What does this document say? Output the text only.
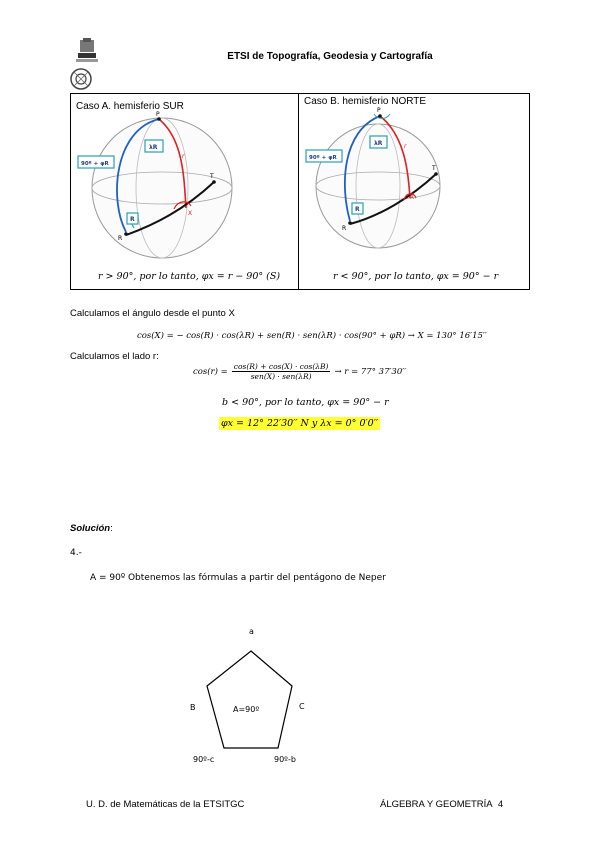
ETSI de Topografía, Geodesia y Cartografía
Caso A. hemisferio SUR	Caso B. hemisferio NORTE
P
T
R
X
r
λR
90º + φR
R
P
T
R
X
r
λR
90º + φR
R
r > 90°, por lo tanto, φx = r − 90° (S)	r < 90°, por lo tanto, φx = 90° − r
Calculamos el ángulo desde el punto X
cos(X) = − cos(R) · cos(λR) + sen(R) · sen(λR) · cos(90° + φR) → X = 130° 16′15′′
Calculamos el lado r:
$\cos(r) = \frac{\cos(R) + \cos(X) \cdot \cos(\lambda B)}{\text{sen(X) · sen(λR)}} \to r = 77^\circ$ 37′30′′
b < 90°, por lo tanto, φx = 90° − r
φx = 12° 22′30′′ N y λx = 0° 0′0′′
Solución:
4.-
A = 90º Obtenemos las fórmulas a partir del pentágono de Neper
a
B	C
A=90º
90º-c	90º-b
U. D. de Matemáticas de la ETSITGC	ÁLGEBRA Y GEOMETRÍA 4
